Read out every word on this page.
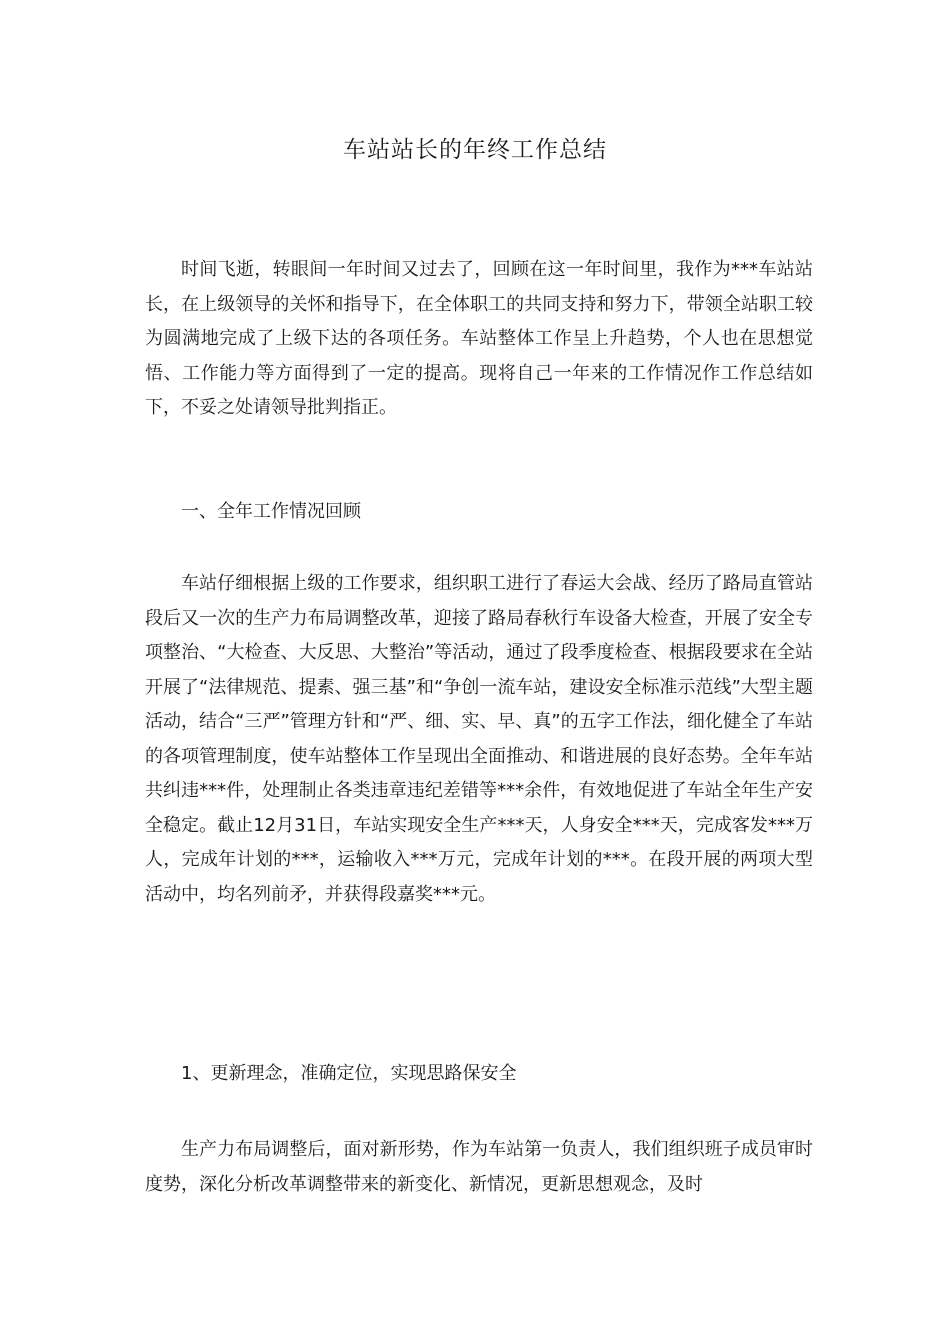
车站站长的年终工作总结

时间飞逝，转眼间一年时间又过去了，回顾在这一年时间里，我作为***车站站长，在上级领导的关怀和指导下，在全体职工的共同支持和努力下，带领全站职工较为圆满地完成了上级下达的各项任务。车站整体工作呈上升趋势，个人也在思想觉悟、工作能力等方面得到了一定的提高。现将自己一年来的工作情况作工作总结如下，不妥之处请领导批判指正。

一、全年工作情况回顾

车站仔细根据上级的工作要求，组织职工进行了春运大会战、经历了路局直管站段后又一次的生产力布局调整改革，迎接了路局春秋行车设备大检查，开展了安全专项整治、“大检查、大反思、大整治”等活动，通过了段季度检查、根据段要求在全站开展了“法律规范、提素、强三基”和“争创一流车站，建设安全标准示范线”大型主题活动，结合“三严”管理方针和“严、细、实、早、真”的五字工作法，细化健全了车站的各项管理制度，使车站整体工作呈现出全面推动、和谐进展的良好态势。全年车站共纠违***件，处理制止各类违章违纪差错等***余件，有效地促进了车站全年生产安全稳定。截止12月31日，车站实现安全生产***天，人身安全***天，完成客发***万人，完成年计划的***，运输收入***万元，完成年计划的***。在段开展的两项大型活动中，均名列前矛，并获得段嘉奖***元。

1、更新理念，准确定位，实现思路保安全

生产力布局调整后，面对新形势，作为车站第一负责人，我们组织班子成员审时度势，深化分析改革调整带来的新变化、新情况，更新思想观念，及时
